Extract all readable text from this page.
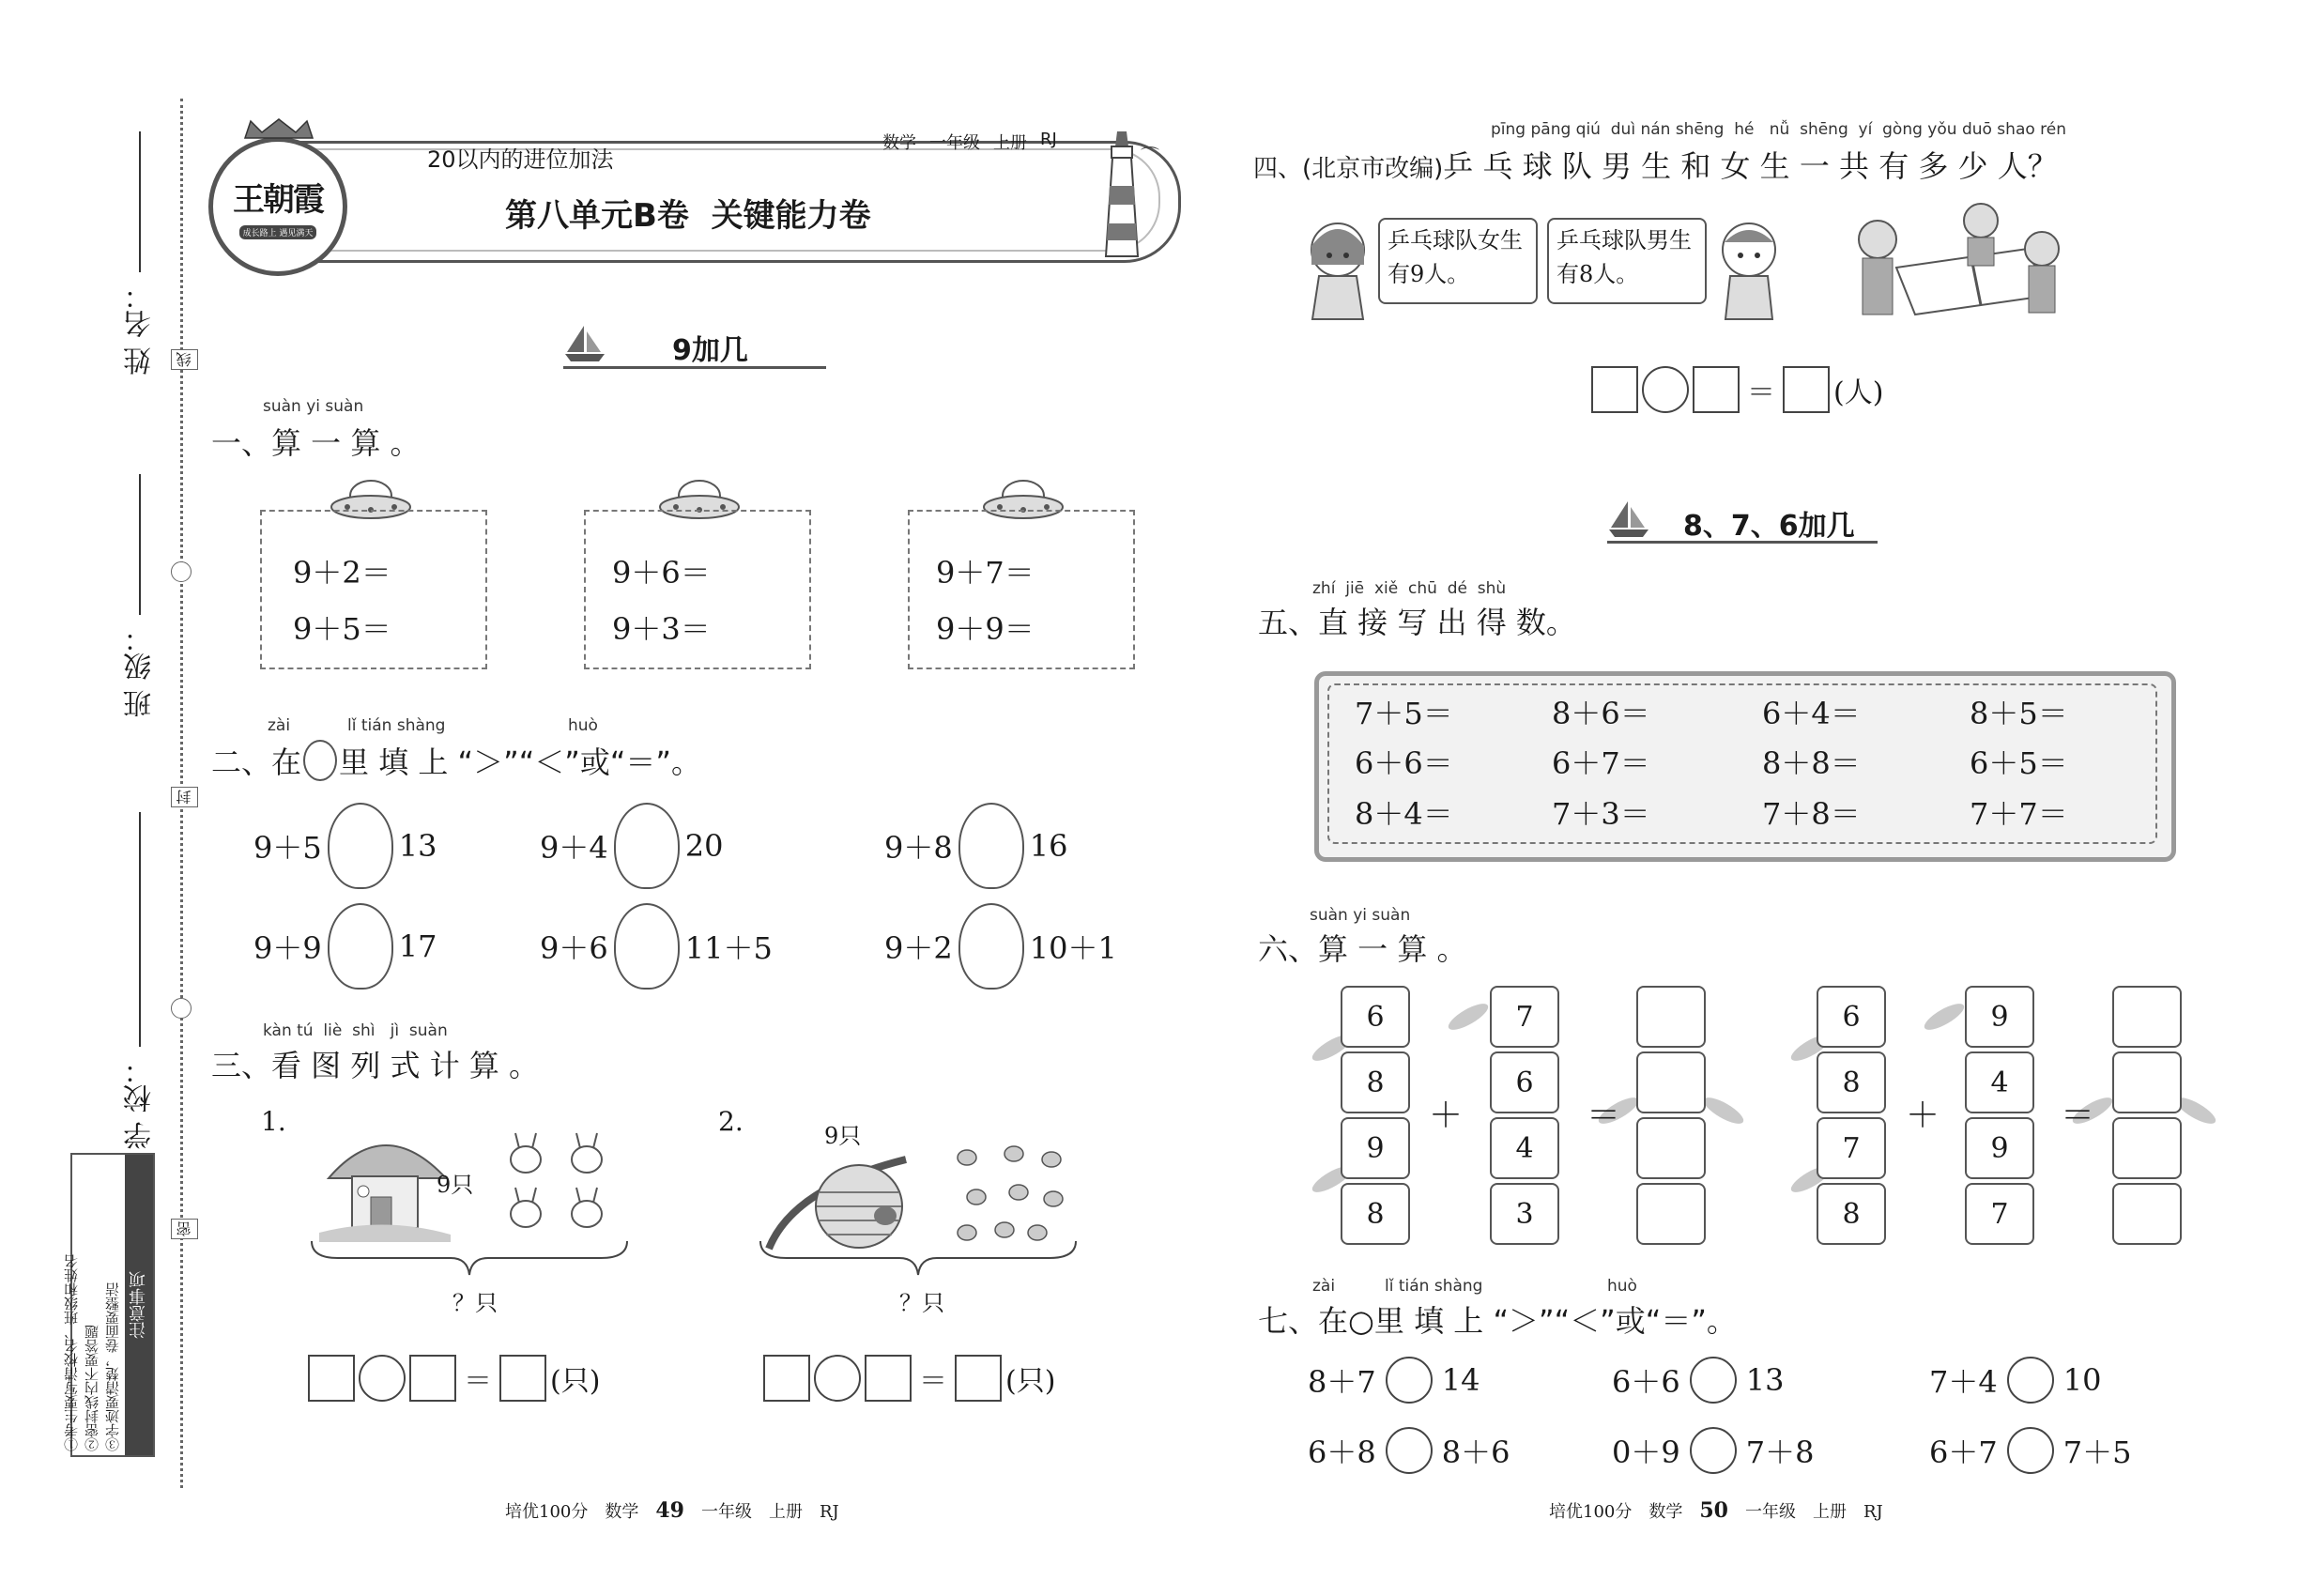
姓 名：
班 级：
学 校：
线
封
密
注意事项
①考生要写清校名、班级和姓名 ②密封线内不要答题 ③字迹要清楚，卷面要整洁
王朝霞
成长路上 遇见满天
20以内的进位加法
数学 一年级 上册 RJ
第八单元B卷  关键能力卷
⌒
9加几
suàn yi suàn
一、算 一 算 。
9＋2＝
9＋5＝
9＋6＝
9＋3＝
9＋7＝
9＋9＝
zài	lǐ tián shàng	huò
二、在 里 填 上 “＞”“＜”或“＝”。
9＋5	13	9＋4	20	9＋8	16
9＋9	17	9＋6	11＋5	9＋2	10＋1
kàn tú  liè  shì   jì  suàn
三、看 图 列 式 计 算 。
1.
9只
？只
＝ (只)
2.	9只
？只
＝ (只)
培优100分 数学 49 一年级 上册 RJ
pīng pāng qiú  duì nán shēng  hé   nǚ  shēng  yí  gòng yǒu duō shao rén
四、(北京市改编) 乒 乓 球 队 男 生 和 女 生 一 共 有 多 少 人？
乒乓球队女生有9人。
乒乓球队男生有8人。
＝ (人)
8、7、6加几
zhí  jiē  xiě  chū  dé  shù
五、直 接 写 出 得 数。
7＋5＝	8＋6＝	6＋4＝	8＋5＝
6＋6＝	6＋7＝	8＋8＝	6＋5＝
8＋4＝	7＋3＝	7＋8＝	7＋7＝
suàn yi suàn
六、算 一 算 。
6
8
9
8
＋
7
6
4
3
＝
6
8
7
8
＋
9
4
9
7
＝
zài	lǐ tián shàng	huò
七、在○里 填 上 “＞”“＜”或“＝”。
8＋7 14	6＋6 13	7＋4 10
6＋8 8＋6	0＋9 7＋8	6＋7 7＋5
培优100分 数学 50 一年级 上册 RJ
